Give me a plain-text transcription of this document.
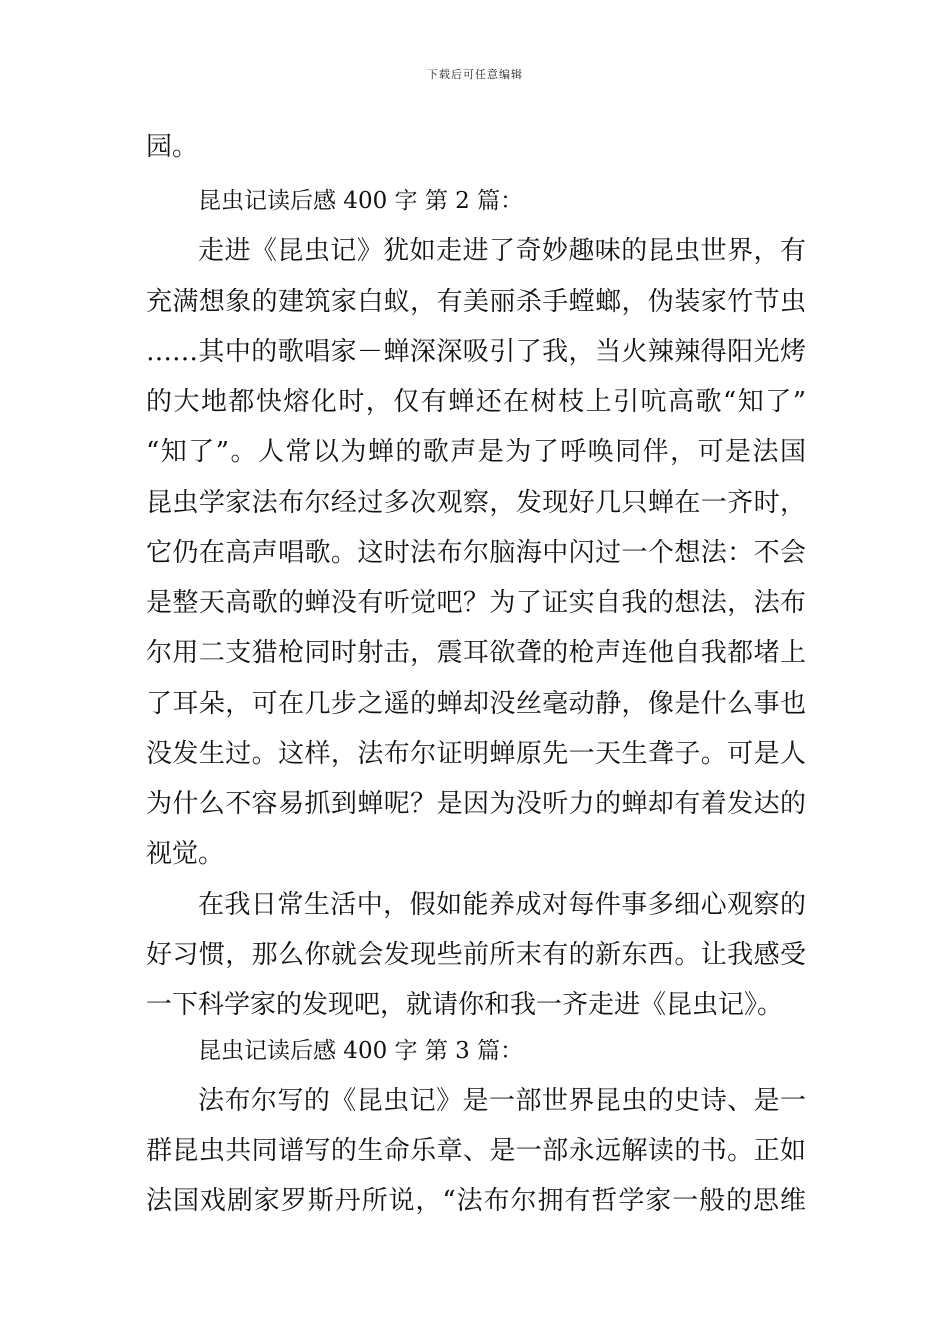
下载后可任意编辑
园。
昆虫记读后感 400 字 第 2 篇：
走进《昆虫记》犹如走进了奇妙趣味的昆虫世界，有
充满想象的建筑家白蚁，有美丽杀手螳螂，伪装家竹节虫
……其中的歌唱家－蝉深深吸引了我，当火辣辣得阳光烤
的大地都快熔化时，仅有蝉还在树枝上引吭高歌“知了”
“知了”。人常以为蝉的歌声是为了呼唤同伴，可是法国
昆虫学家法布尔经过多次观察，发现好几只蝉在一齐时，
它仍在高声唱歌。这时法布尔脑海中闪过一个想法：不会
是整天高歌的蝉没有听觉吧？为了证实自我的想法，法布
尔用二支猎枪同时射击，震耳欲聋的枪声连他自我都堵上
了耳朵，可在几步之遥的蝉却没丝毫动静，像是什么事也
没发生过。这样，法布尔证明蝉原先一天生聋子。可是人
为什么不容易抓到蝉呢？是因为没听力的蝉却有着发达的
视觉。
在我日常生活中，假如能养成对每件事多细心观察的
好习惯，那么你就会发现些前所末有的新东西。让我感受
一下科学家的发现吧，就请你和我一齐走进《昆虫记》。
昆虫记读后感 400 字 第 3 篇：
法布尔写的《昆虫记》是一部世界昆虫的史诗、是一
群昆虫共同谱写的生命乐章、是一部永远解读的书。正如
法国戏剧家罗斯丹所说，“法布尔拥有哲学家一般的思维
